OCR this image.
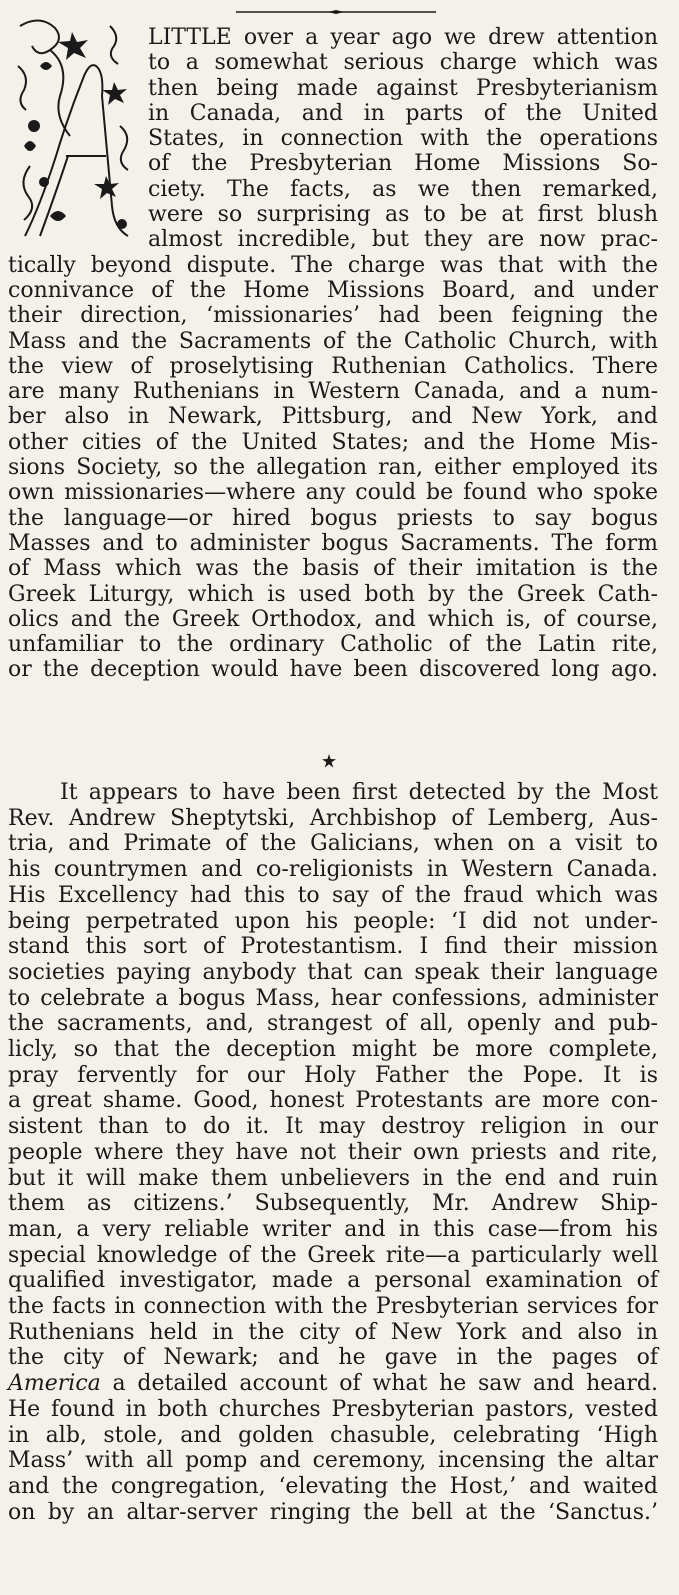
LITTLE over a year ago we drew attention
to a somewhat serious charge which was
then being made against Presbyterianism
in Canada, and in parts of the United
States, in connection with the operations
of the Presbyterian Home Missions So-
ciety. The facts, as we then remarked,
were so surprising as to be at first blush
almost incredible, but they are now prac-
tically beyond dispute. The charge was that with the
connivance of the Home Missions Board, and under
their direction, ‘missionaries’ had been feigning the
Mass and the Sacraments of the Catholic Church, with
the view of proselytising Ruthenian Catholics. There
are many Ruthenians in Western Canada, and a num-
ber also in Newark, Pittsburg, and New York, and
other cities of the United States; and the Home Mis-
sions Society, so the allegation ran, either employed its
own missionaries—where any could be found who spoke
the language—or hired bogus priests to say bogus
Masses and to administer bogus Sacraments. The form
of Mass which was the basis of their imitation is the
Greek Liturgy, which is used both by the Greek Cath-
olics and the Greek Orthodox, and which is, of course,
unfamiliar to the ordinary Catholic of the Latin rite,
or the deception would have been discovered long ago.
It appears to have been first detected by the Most
Rev. Andrew Sheptytski, Archbishop of Lemberg, Aus-
tria, and Primate of the Galicians, when on a visit to
his countrymen and co-religionists in Western Canada.
His Excellency had this to say of the fraud which was
being perpetrated upon his people: ‘I did not under-
stand this sort of Protestantism. I find their mission
societies paying anybody that can speak their language
to celebrate a bogus Mass, hear confessions, administer
the sacraments, and, strangest of all, openly and pub-
licly, so that the deception might be more complete,
pray fervently for our Holy Father the Pope. It is
a great shame. Good, honest Protestants are more con-
sistent than to do it. It may destroy religion in our
people where they have not their own priests and rite,
but it will make them unbelievers in the end and ruin
them as citizens.’ Subsequently, Mr. Andrew Ship-
man, a very reliable writer and in this case—from his
special knowledge of the Greek rite—a particularly well
qualified investigator, made a personal examination of
the facts in connection with the Presbyterian services for
Ruthenians held in the city of New York and also in
the city of Newark; and he gave in the pages of
America a detailed account of what he saw and heard.
He found in both churches Presbyterian pastors, vested
in alb, stole, and golden chasuble, celebrating ‘High
Mass’ with all pomp and ceremony, incensing the altar
and the congregation, ‘elevating the Host,’ and waited
on by an altar-server ringing the bell at the ‘Sanctus.’
